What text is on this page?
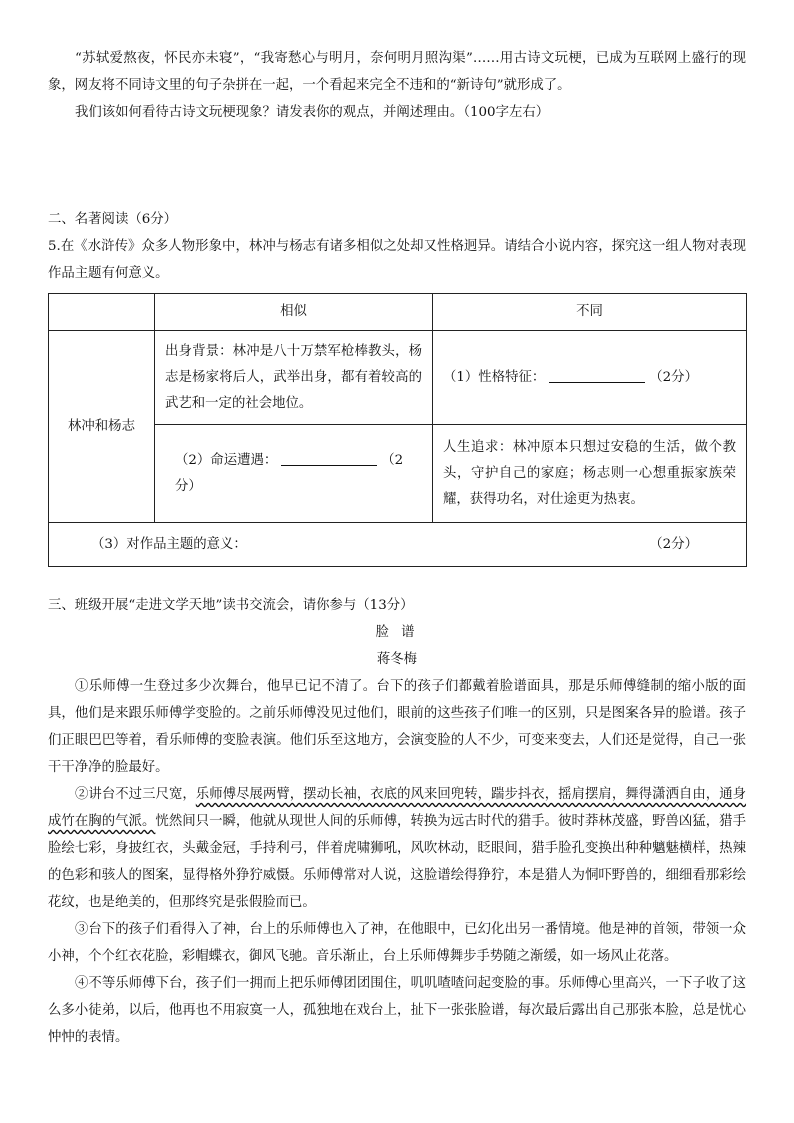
“苏轼爱熬夜，怀民亦未寝”，“我寄愁心与明月，奈何明月照沟渠”……用古诗文玩梗，已成为互联网上盛行的现象，网友将不同诗文里的句子杂拼在一起，一个看起来完全不违和的“新诗句”就形成了。

我们该如何看待古诗文玩梗现象？请发表你的观点，并阐述理由。（100字左右）

二、名著阅读（6分）

5.在《水浒传》众多人物形象中，林冲与杨志有诸多相似之处却又性格迥异。请结合小说内容，探究这一组人物对表现作品主题有何意义。

	相似	不同
林冲和杨志	出身背景：林冲是八十万禁军枪棒教头，杨志是杨家将后人，武举出身，都有着较高的武艺和一定的社会地位。	（1）性格特征： （2分）
	（2）命运遭遇： （2分）	人生追求：林冲原本只想过安稳的生活，做个教头，守护自己的家庭；杨志则一心想重振家族荣耀，获得功名，对仕途更为热衷。
（3）对作品主题的意义： （2分）		

三、班级开展“走进文学天地”读书交流会，请你参与（13分）

脸 谱

蒋冬梅

①乐师傅一生登过多少次舞台，他早已记不清了。台下的孩子们都戴着脸谱面具，那是乐师傅缝制的缩小版的面具，他们是来跟乐师傅学变脸的。之前乐师傅没见过他们，眼前的这些孩子们唯一的区别，只是图案各异的脸谱。孩子们正眼巴巴等着，看乐师傅的变脸表演。他们乐至这地方，会演变脸的人不少，可变来变去，人们还是觉得，自己一张干干净净的脸最好。

②讲台不过三尺宽，乐师傅尽展两臂，摆动长袖，衣底的风来回兜转，踹步抖衣，摇肩摆肩，舞得潇洒自由，通身成竹在胸的气派。恍然间只一瞬，他就从现世人间的乐师傅，转换为远古时代的猎手。彼时莽林茂盛，野兽凶猛，猎手脸绘七彩，身披红衣，头戴金冠，手持利弓，伴着虎啸狮吼，风吹林动，眨眼间，猎手脸孔变换出种种魑魅横样，热辣的色彩和骇人的图案，显得格外狰狞威慑。乐师傅常对人说，这脸谱绘得狰狞，本是猎人为恫吓野兽的，细细看那彩绘花纹，也是绝美的，但那终究是张假脸而已。

③台下的孩子们看得入了神，台上的乐师傅也入了神，在他眼中，已幻化出另一番情境。他是神的首领，带领一众小神，个个红衣花脸，彩帽蝶衣，御风飞驰。音乐渐止，台上乐师傅舞步手势随之渐缓，如一场风止花落。

④不等乐师傅下台，孩子们一拥而上把乐师傅团团围住，叽叽喳喳问起变脸的事。乐师傅心里高兴，一下子收了这么多小徒弟，以后，他再也不用寂寞一人，孤独地在戏台上，扯下一张张脸谱，每次最后露出自己那张本脸，总是忧心忡忡的表情。
